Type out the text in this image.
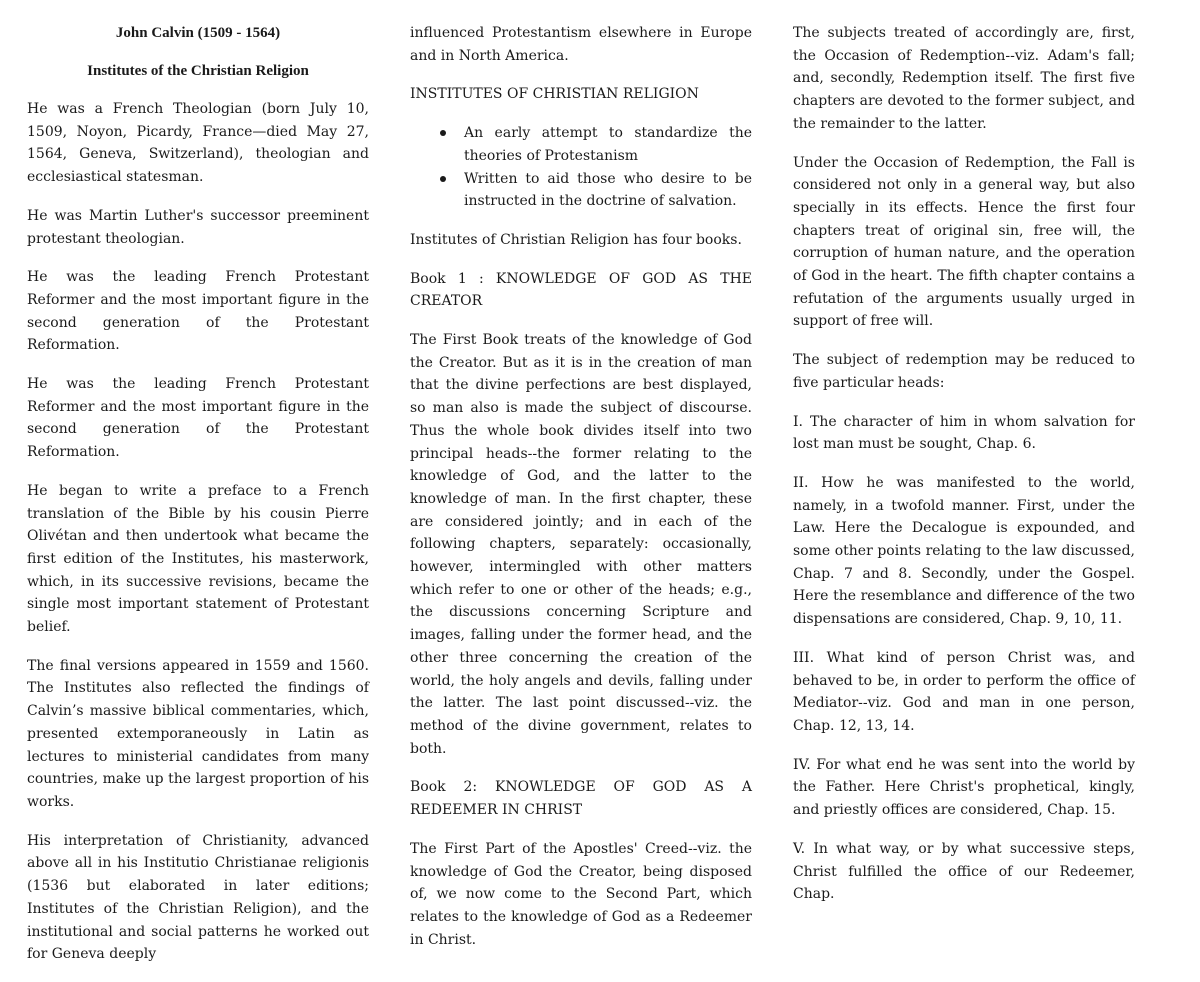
John Calvin (1509 - 1564)
Institutes of the Christian Religion

He was a French Theologian (born July 10, 1509, Noyon, Picardy, France—died May 27, 1564, Geneva, Switzerland), theologian and ecclesiastical statesman.

He was Martin Luther's successor preeminent protestant theologian.

He was the leading French Protestant Reformer and the most important figure in the second generation of the Protestant Reformation.

He was the leading French Protestant Reformer and the most important figure in the second generation of the Protestant Reformation.

He began to write a preface to a French translation of the Bible by his cousin Pierre Olivétan and then undertook what became the first edition of the Institutes, his masterwork, which, in its successive revisions, became the single most important statement of Protestant belief.

The final versions appeared in 1559 and 1560. The Institutes also reflected the findings of Calvin’s massive biblical commentaries, which, presented extemporaneously in Latin as lectures to ministerial candidates from many countries, make up the largest proportion of his works.

His interpretation of Christianity, advanced above all in his Institutio Christianae religionis (1536 but elaborated in later editions; Institutes of the Christian Religion), and the institutional and social patterns he worked out for Geneva deeply

influenced Protestantism elsewhere in Europe and in North America.

INSTITUTES OF CHRISTIAN RELIGION
An early attempt to standardize the theories of Protestanism
Written to aid those who desire to be instructed in the doctrine of salvation.

Institutes of Christian Religion has four books.

Book 1 : KNOWLEDGE OF GOD AS THE CREATOR

The First Book treats of the knowledge of God the Creator. But as it is in the creation of man that the divine perfections are best displayed, so man also is made the subject of discourse. Thus the whole book divides itself into two principal heads--the former relating to the knowledge of God, and the latter to the knowledge of man. In the first chapter, these are considered jointly; and in each of the following chapters, separately: occasionally, however, intermingled with other matters which refer to one or other of the heads; e.g., the discussions concerning Scripture and images, falling under the former head, and the other three concerning the creation of the world, the holy angels and devils, falling under the latter. The last point discussed--viz. the method of the divine government, relates to both.

Book 2: KNOWLEDGE OF GOD AS A REDEEMER IN CHRIST

The First Part of the Apostles' Creed--viz. the knowledge of God the Creator, being disposed of, we now come to the Second Part, which relates to the knowledge of God as a Redeemer in Christ.

The subjects treated of accordingly are, first, the Occasion of Redemption--viz. Adam's fall; and, secondly, Redemption itself. The first five chapters are devoted to the former subject, and the remainder to the latter.

Under the Occasion of Redemption, the Fall is considered not only in a general way, but also specially in its effects. Hence the first four chapters treat of original sin, free will, the corruption of human nature, and the operation of God in the heart. The fifth chapter contains a refutation of the arguments usually urged in support of free will.

The subject of redemption may be reduced to five particular heads:

I. The character of him in whom salvation for lost man must be sought, Chap. 6.

II. How he was manifested to the world, namely, in a twofold manner. First, under the Law. Here the Decalogue is expounded, and some other points relating to the law discussed, Chap. 7 and 8. Secondly, under the Gospel. Here the resemblance and difference of the two dispensations are considered, Chap. 9, 10, 11.

III. What kind of person Christ was, and behaved to be, in order to perform the office of Mediator--viz. God and man in one person, Chap. 12, 13, 14.

IV. For what end he was sent into the world by the Father. Here Christ's prophetical, kingly, and priestly offices are considered, Chap. 15.

V. In what way, or by what successive steps, Christ fulfilled the office of our Redeemer, Chap.
